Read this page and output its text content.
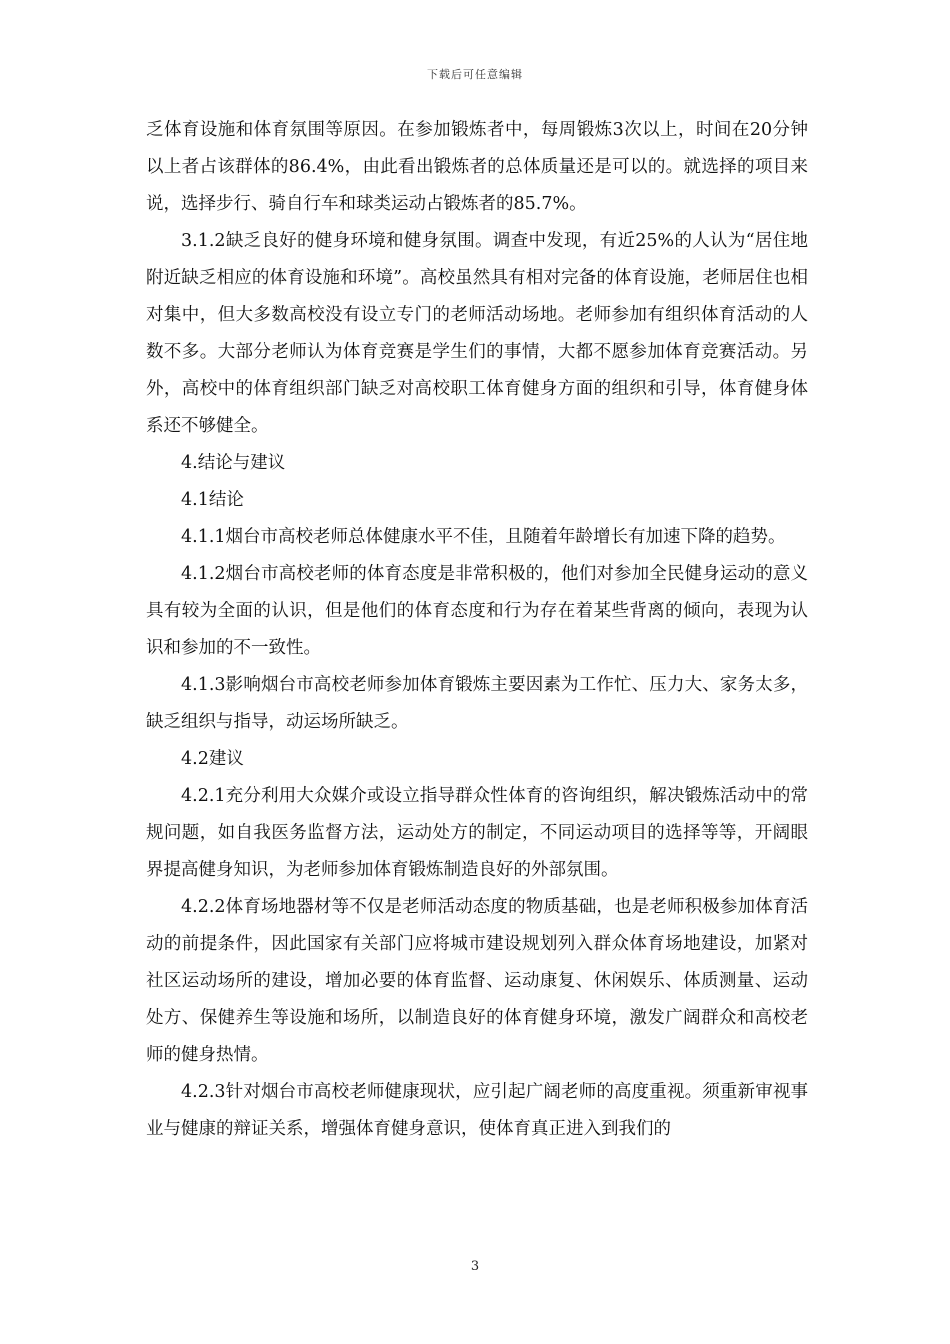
下载后可任意编辑

乏体育设施和体育氛围等原因。在参加锻炼者中，每周锻炼3次以上，时间在20分钟以上者占该群体的86.4%，由此看出锻炼者的总体质量还是可以的。就选择的项目来说，选择步行、骑自行车和球类运动占锻炼者的85.7%。

3.1.2缺乏良好的健身环境和健身氛围。调查中发现，有近25%的人认为“居住地附近缺乏相应的体育设施和环境”。高校虽然具有相对完备的体育设施，老师居住也相对集中，但大多数高校没有设立专门的老师活动场地。老师参加有组织体育活动的人数不多。大部分老师认为体育竞赛是学生们的事情，大都不愿参加体育竞赛活动。另外，高校中的体育组织部门缺乏对高校职工体育健身方面的组织和引导，体育健身体系还不够健全。

4.结论与建议

4.1结论

4.1.1烟台市高校老师总体健康水平不佳，且随着年龄增长有加速下降的趋势。

4.1.2烟台市高校老师的体育态度是非常积极的，他们对参加全民健身运动的意义具有较为全面的认识，但是他们的体育态度和行为存在着某些背离的倾向，表现为认识和参加的不一致性。

4.1.3影响烟台市高校老师参加体育锻炼主要因素为工作忙、压力大、家务太多，缺乏组织与指导，动运场所缺乏。

4.2建议

4.2.1充分利用大众媒介或设立指导群众性体育的咨询组织，解决锻炼活动中的常规问题，如自我医务监督方法，运动处方的制定，不同运动项目的选择等等，开阔眼界提高健身知识，为老师参加体育锻炼制造良好的外部氛围。

4.2.2体育场地器材等不仅是老师活动态度的物质基础，也是老师积极参加体育活动的前提条件，因此国家有关部门应将城市建设规划列入群众体育场地建设，加紧对社区运动场所的建设，增加必要的体育监督、运动康复、休闲娱乐、体质测量、运动处方、保健养生等设施和场所，以制造良好的体育健身环境，激发广阔群众和高校老师的健身热情。

4.2.3针对烟台市高校老师健康现状，应引起广阔老师的高度重视。须重新审视事业与健康的辩证关系，增强体育健身意识，使体育真正进入到我们的

3
